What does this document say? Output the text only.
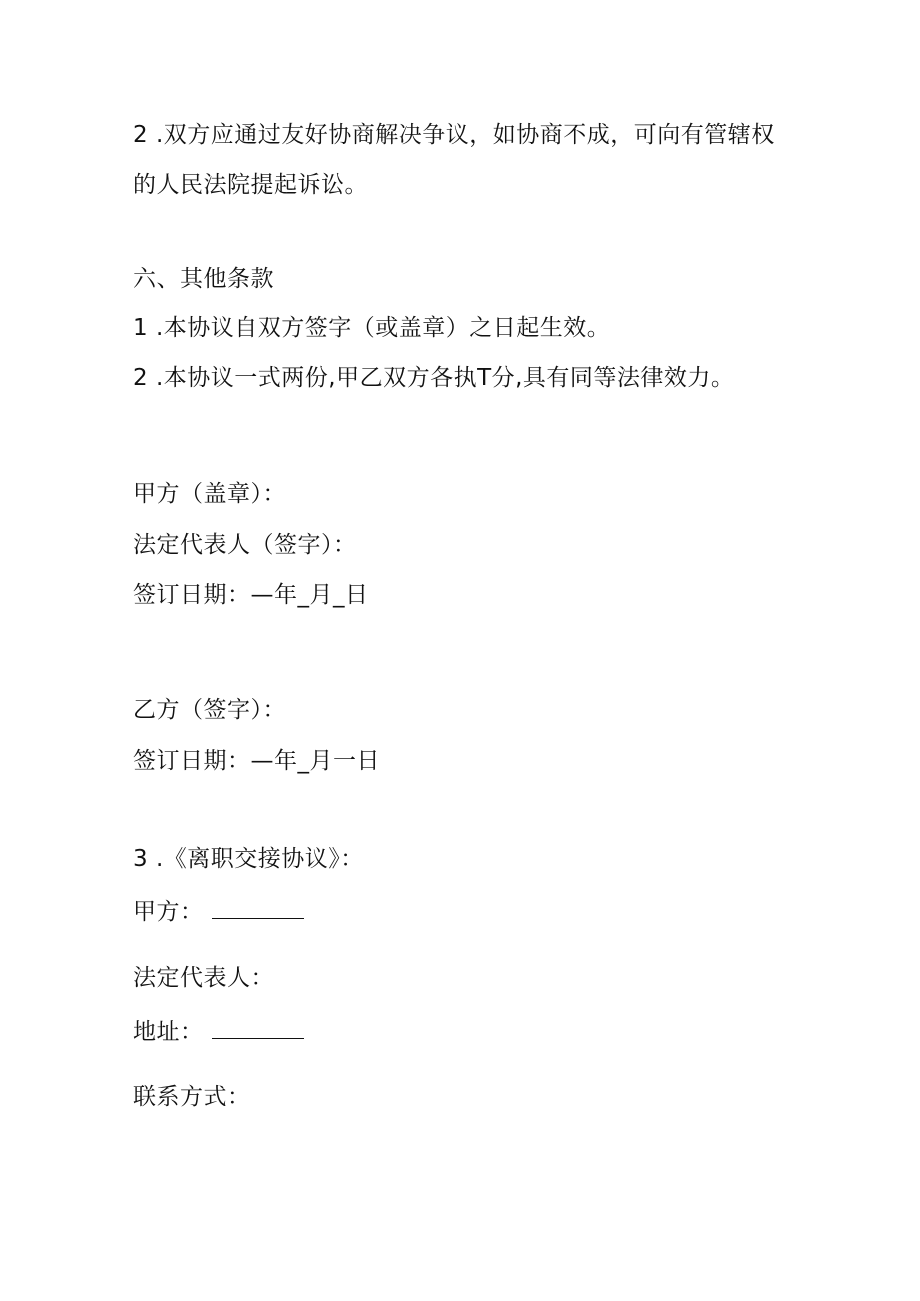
2 .双方应通过友好协商解决争议，如协商不成，可向有管辖权
的人民法院提起诉讼。
六、其他条款
1 .本协议自双方签字（或盖章）之日起生效。
2 .本协议一式两份,甲乙双方各执T分,具有同等法律效力。
甲方（盖章）：
法定代表人（签字）：
签订日期：—年_月_日
乙方（签字）：
签订日期：—年_月一日
3 .《离职交接协议》：
甲方：
法定代表人：
地址：
联系方式：
